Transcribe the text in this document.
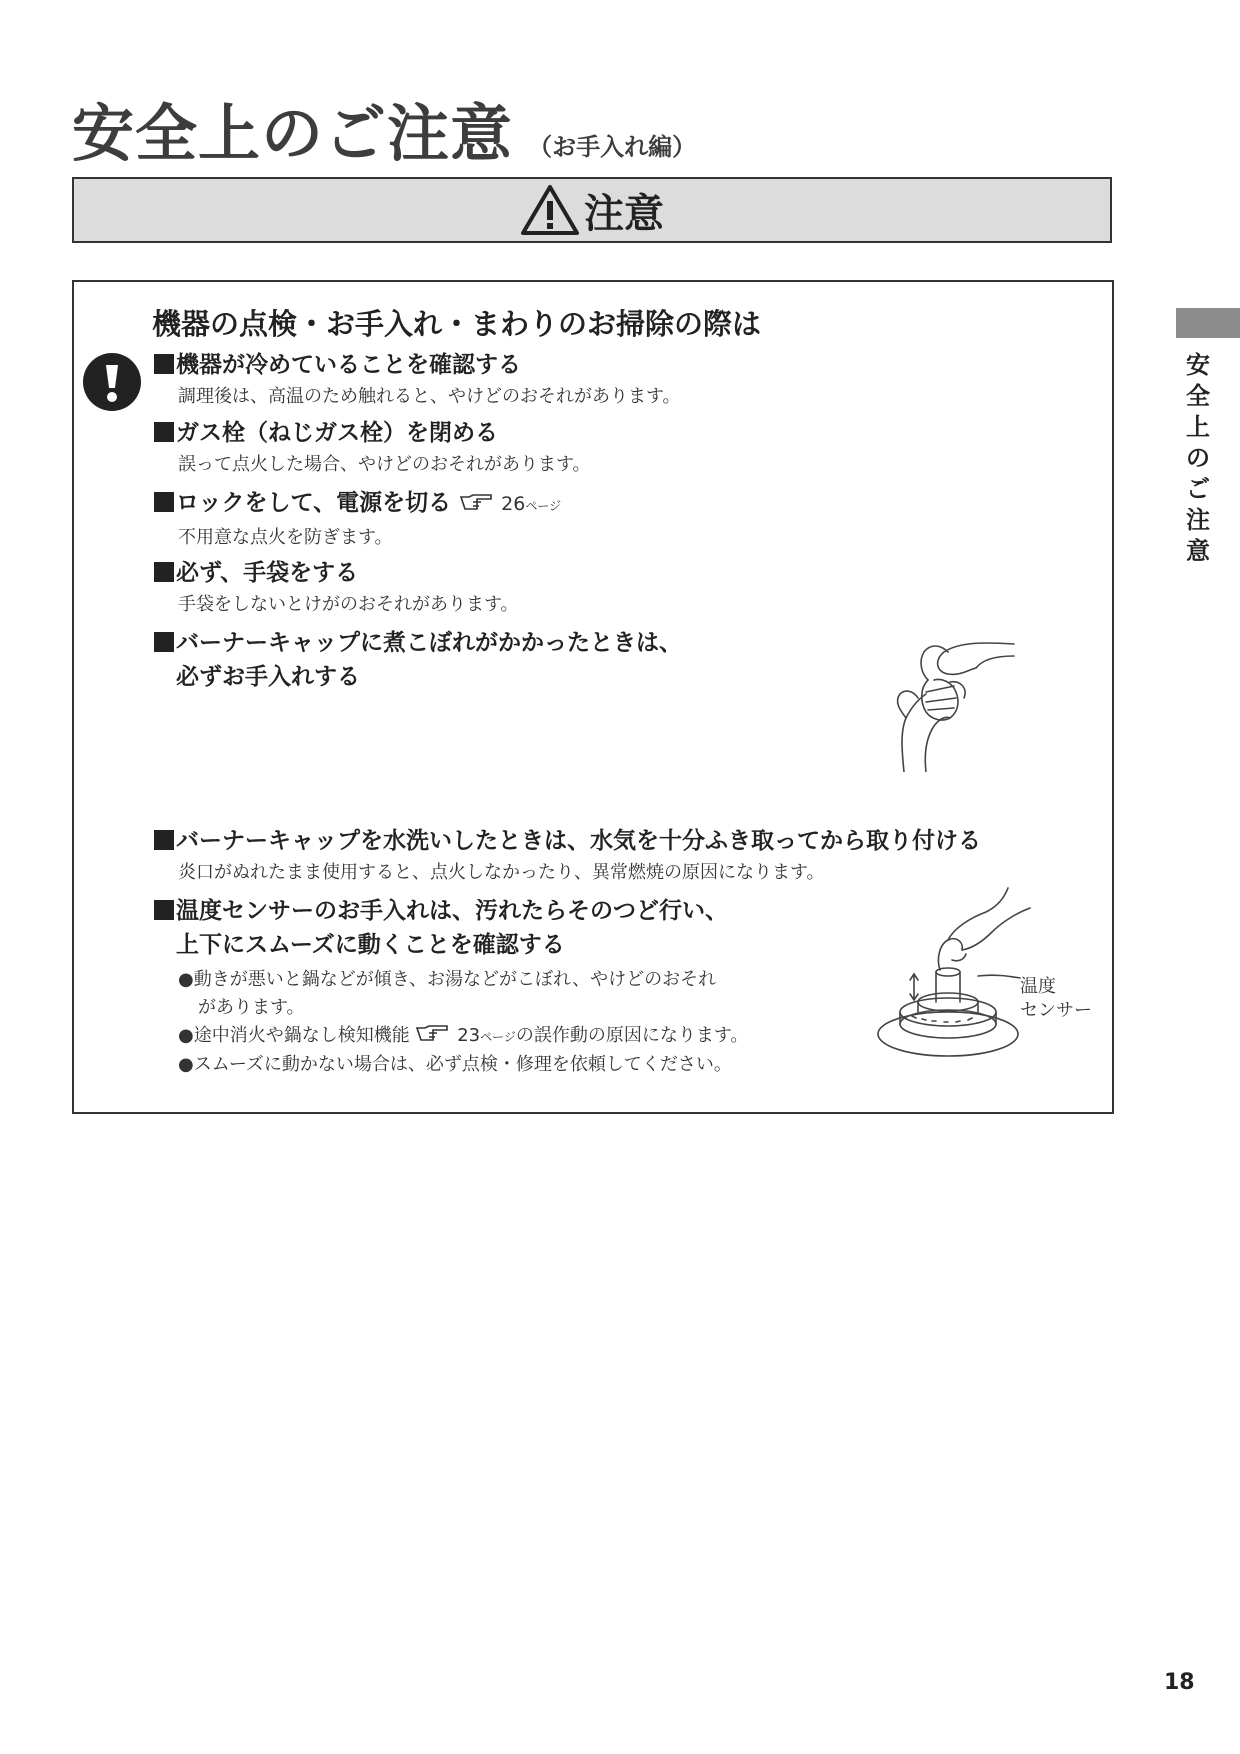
安全上のご注意 （お手入れ編）
注意
機器の点検・お手入れ・まわりのお掃除の際は
機器が冷めていることを確認する
調理後は、高温のため触れると、やけどのおそれがあります。
ガス栓（ねじガス栓）を閉める
誤って点火した場合、やけどのおそれがあります。
ロックをして、電源を切る	26ページ
不用意な点火を防ぎます。
必ず、手袋をする
手袋をしないとけがのおそれがあります。
バーナーキャップに煮こぼれがかかったときは、
必ずお手入れする
バーナーキャップを水洗いしたときは、水気を十分ふき取ってから取り付ける
炎口がぬれたまま使用すると、点火しなかったり、異常燃焼の原因になります。
温度センサーのお手入れは、汚れたらそのつど行い、
上下にスムーズに動くことを確認する
●動きが悪いと鍋などが傾き、お湯などがこぼれ、やけどのおそれ
があります。
●途中消火や鍋なし検知機能	23ページの誤作動の原因になります。
●スムーズに動かない場合は、必ず点検・修理を依頼してください。
温度
センサー
安
全
上
の
ご
注
意
18
